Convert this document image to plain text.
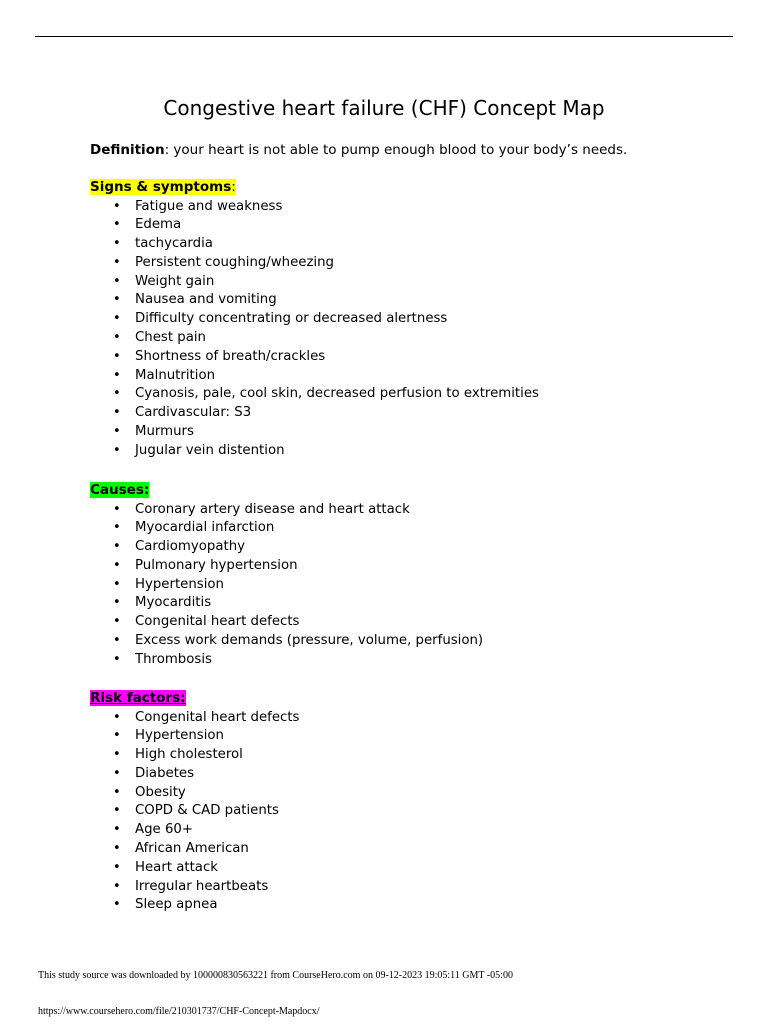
Congestive heart failure (CHF) Concept Map
Definition: your heart is not able to pump enough blood to your body’s needs.
Signs & symptoms:
• Fatigue and weakness
• Edema
• tachycardia
• Persistent coughing/wheezing
• Weight gain
• Nausea and vomiting
• Difficulty concentrating or decreased alertness
• Chest pain
• Shortness of breath/crackles
• Malnutrition
• Cyanosis, pale, cool skin, decreased perfusion to extremities
• Cardivascular: S3
• Murmurs
• Jugular vein distention
Causes:
• Coronary artery disease and heart attack
• Myocardial infarction
• Cardiomyopathy
• Pulmonary hypertension
• Hypertension
• Myocarditis
• Congenital heart defects
• Excess work demands (pressure, volume, perfusion)
• Thrombosis
Risk factors:
• Congenital heart defects
• Hypertension
• High cholesterol
• Diabetes
• Obesity
• COPD & CAD patients
• Age 60+
• African American
• Heart attack
• Irregular heartbeats
• Sleep apnea
This study source was downloaded by 100000830563221 from CourseHero.com on 09-12-2023 19:05:11 GMT -05:00
https://www.coursehero.com/file/210301737/CHF-Concept-Mapdocx/
